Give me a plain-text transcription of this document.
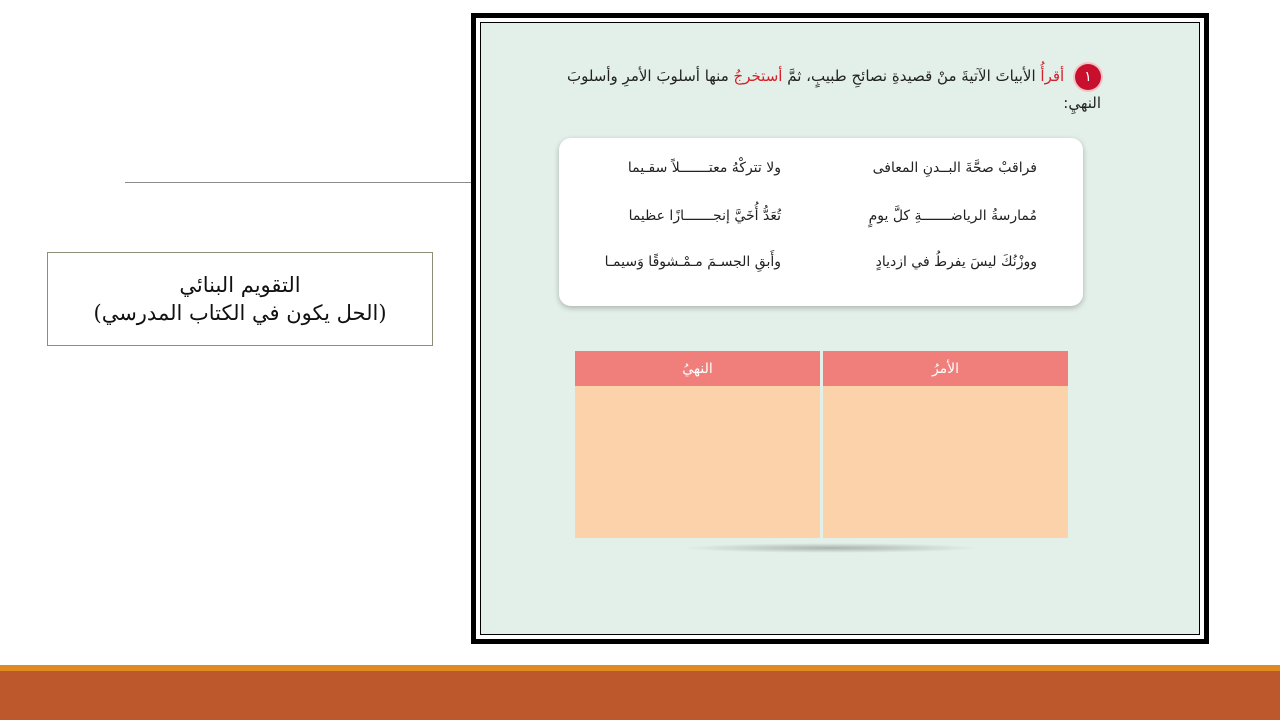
التقويم البنائي
(الحل يكون في الكتاب المدرسي)
١ أقرأُ الأبياتَ الآتيةَ منْ قصيدةِ نصائحِ طبيبٍ، ثمَّ أستخرجُ منها أسلوبَ الأمرِ وأسلوبَ النهيِ:
فراقبْ صحَّةَ البــدنِ المعافى
ولا تتركْهُ معتـــــــلاً سقـيما
مُمارسةُ الرياضـــــــةِ كلَّ يومٍ
تُعَدُّ أُخَيَّ إنجـــــــازًا عظيما
ووزْنُكَ ليسَ يفرطُ في ازديادٍ
وأَبقِ الجسـمَ مـمْـشوقًا وَسيمـا
الأمرُ
النهيُ
